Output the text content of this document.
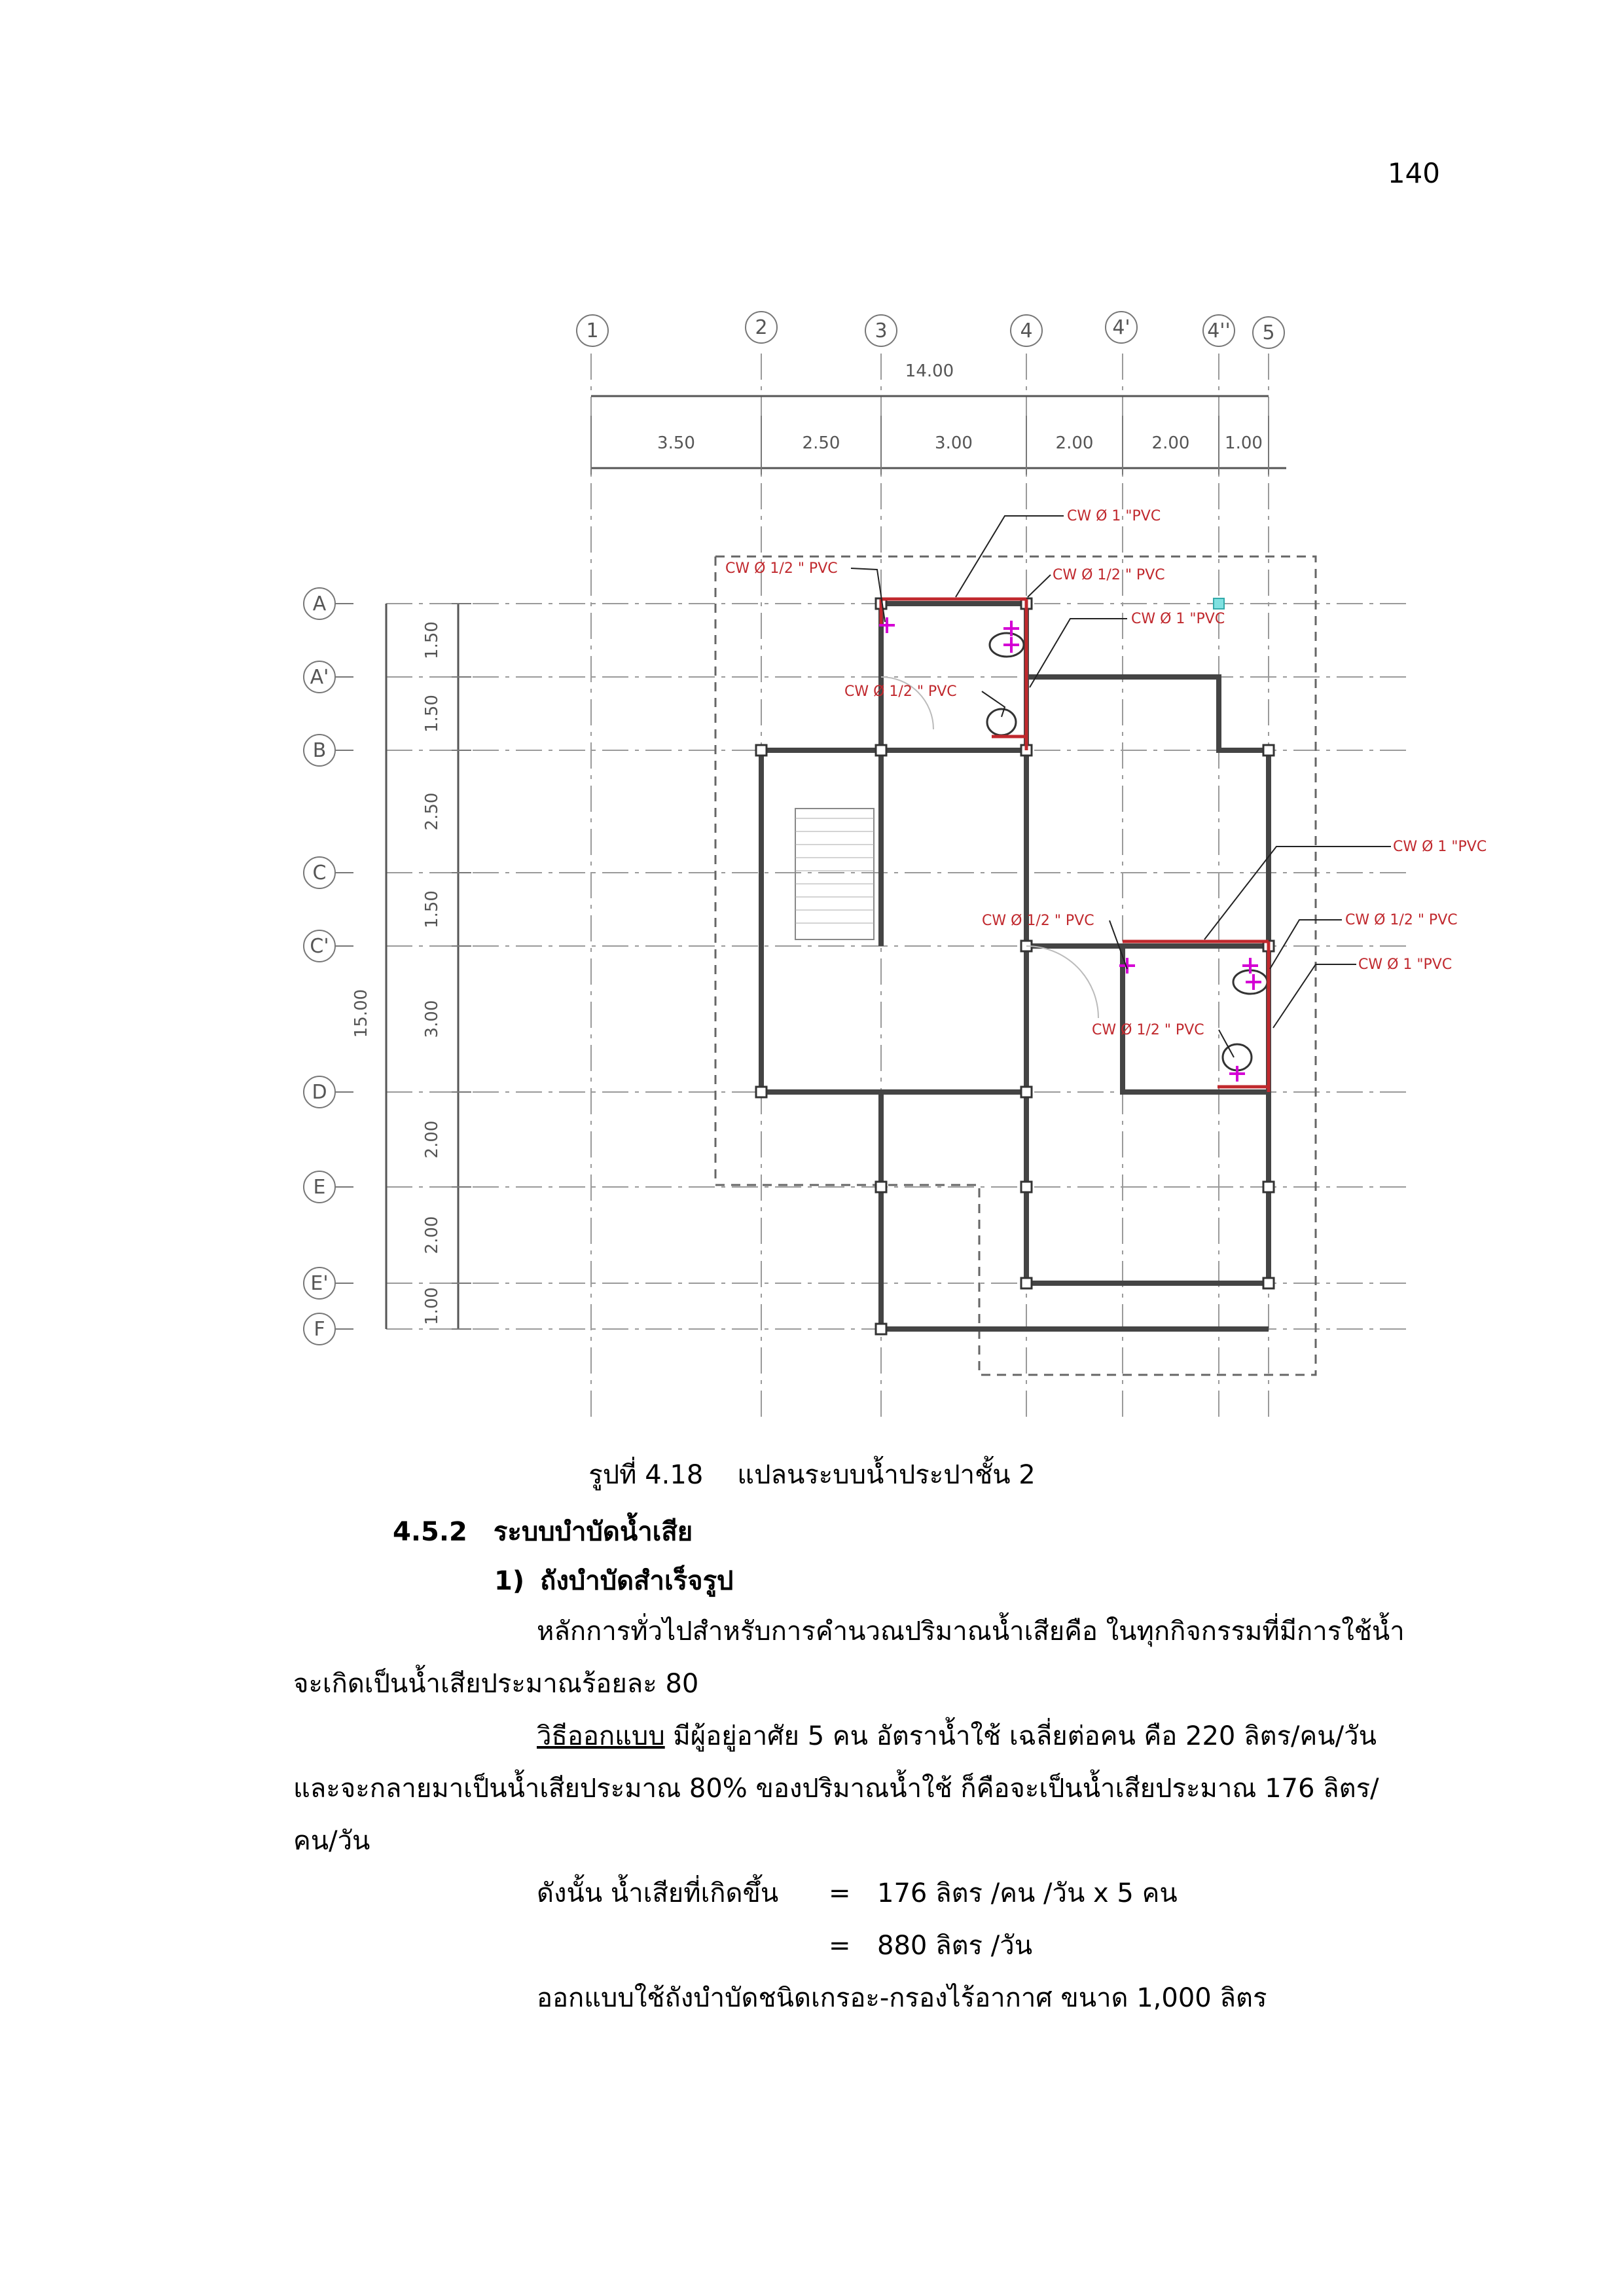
140
1	2	3	4	4'	4'' 5
A
A'
B
C
C'
D
E
E'
F
14.00
3.50	2.50	3.00	2.00	2.00 1.00
15.00
1.50
1.50
2.50
1.50
3.00
2.00
2.00
1.00
CW Ø 1 "PVC
CW Ø 1/2 " PVC	CW Ø 1/2 " PVC
CW Ø 1 "PVC
CW Ø 1/2 " PVC
CW Ø 1 "PVC
CW Ø 1/2 " PVC	CW Ø 1/2 " PVC
CW Ø 1 "PVC
CW Ø 1/2 " PVC
รูปที่ 4.18 แปลนระบบน้ำประปาชั้น 2
4.5.2 ระบบบำบัดน้ำเสีย
1) ถังบำบัดสำเร็จรูป
หลักการทั่วไปสำหรับการคำนวณปริมาณน้ำเสียคือ ในทุกกิจกรรมที่มีการใช้น้ำ
จะเกิดเป็นน้ำเสียประมาณร้อยละ 80
วิธีออกแบบ มีผู้อยู่อาศัย 5 คน อัตราน้ำใช้ เฉลี่ยต่อคน คือ 220 ลิตร/คน/วัน
และจะกลายมาเป็นน้ำเสียประมาณ 80% ของปริมาณน้ำใช้ ก็คือจะเป็นน้ำเสียประมาณ 176 ลิตร/
คน/วัน
ดังนั้น น้ำเสียที่เกิดขึ้น = 176 ลิตร /คน /วัน x 5 คน
= 880 ลิตร /วัน
ออกแบบใช้ถังบำบัดชนิดเกรอะ-กรองไร้อากาศ ขนาด 1,000 ลิตร
